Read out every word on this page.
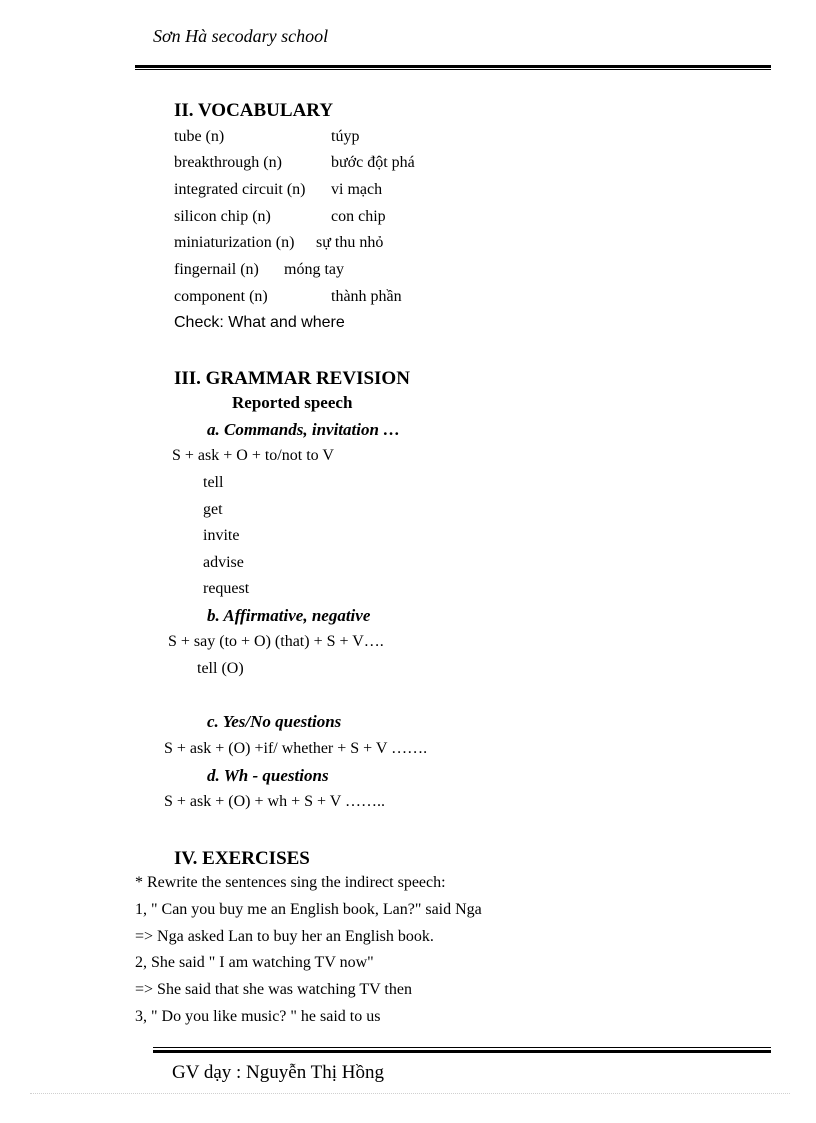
Sơn Hà secodary school
II. VOCABULARY
tube (n)	túyp
breakthrough (n)	bước đột phá
integrated circuit (n) vi mạch
silicon chip (n)	con chip
miniaturization (n) sự thu nhỏ
fingernail (n) móng tay
component (n)	thành phần
Check: What and where
III. GRAMMAR REVISION
Reported speech
a. Commands, invitation …
S + ask + O + to/not to V
tell
get
invite
advise
request
b. Affirmative, negative
S + say (to + O) (that) + S + V….
tell (O)
c. Yes/No questions
S + ask + (O) +if/ whether + S + V …….
d. Wh - questions
S + ask + (O) + wh + S + V ……..
IV. EXERCISES
* Rewrite the sentences sing the indirect speech:
1, " Can you buy me an English book, Lan?" said Nga
=> Nga asked Lan to buy her an English book.
2, She said " I am watching TV now"
=> She said that she was watching TV then
3, " Do you like music? " he said to us
GV dạy : Nguyễn Thị Hồng
